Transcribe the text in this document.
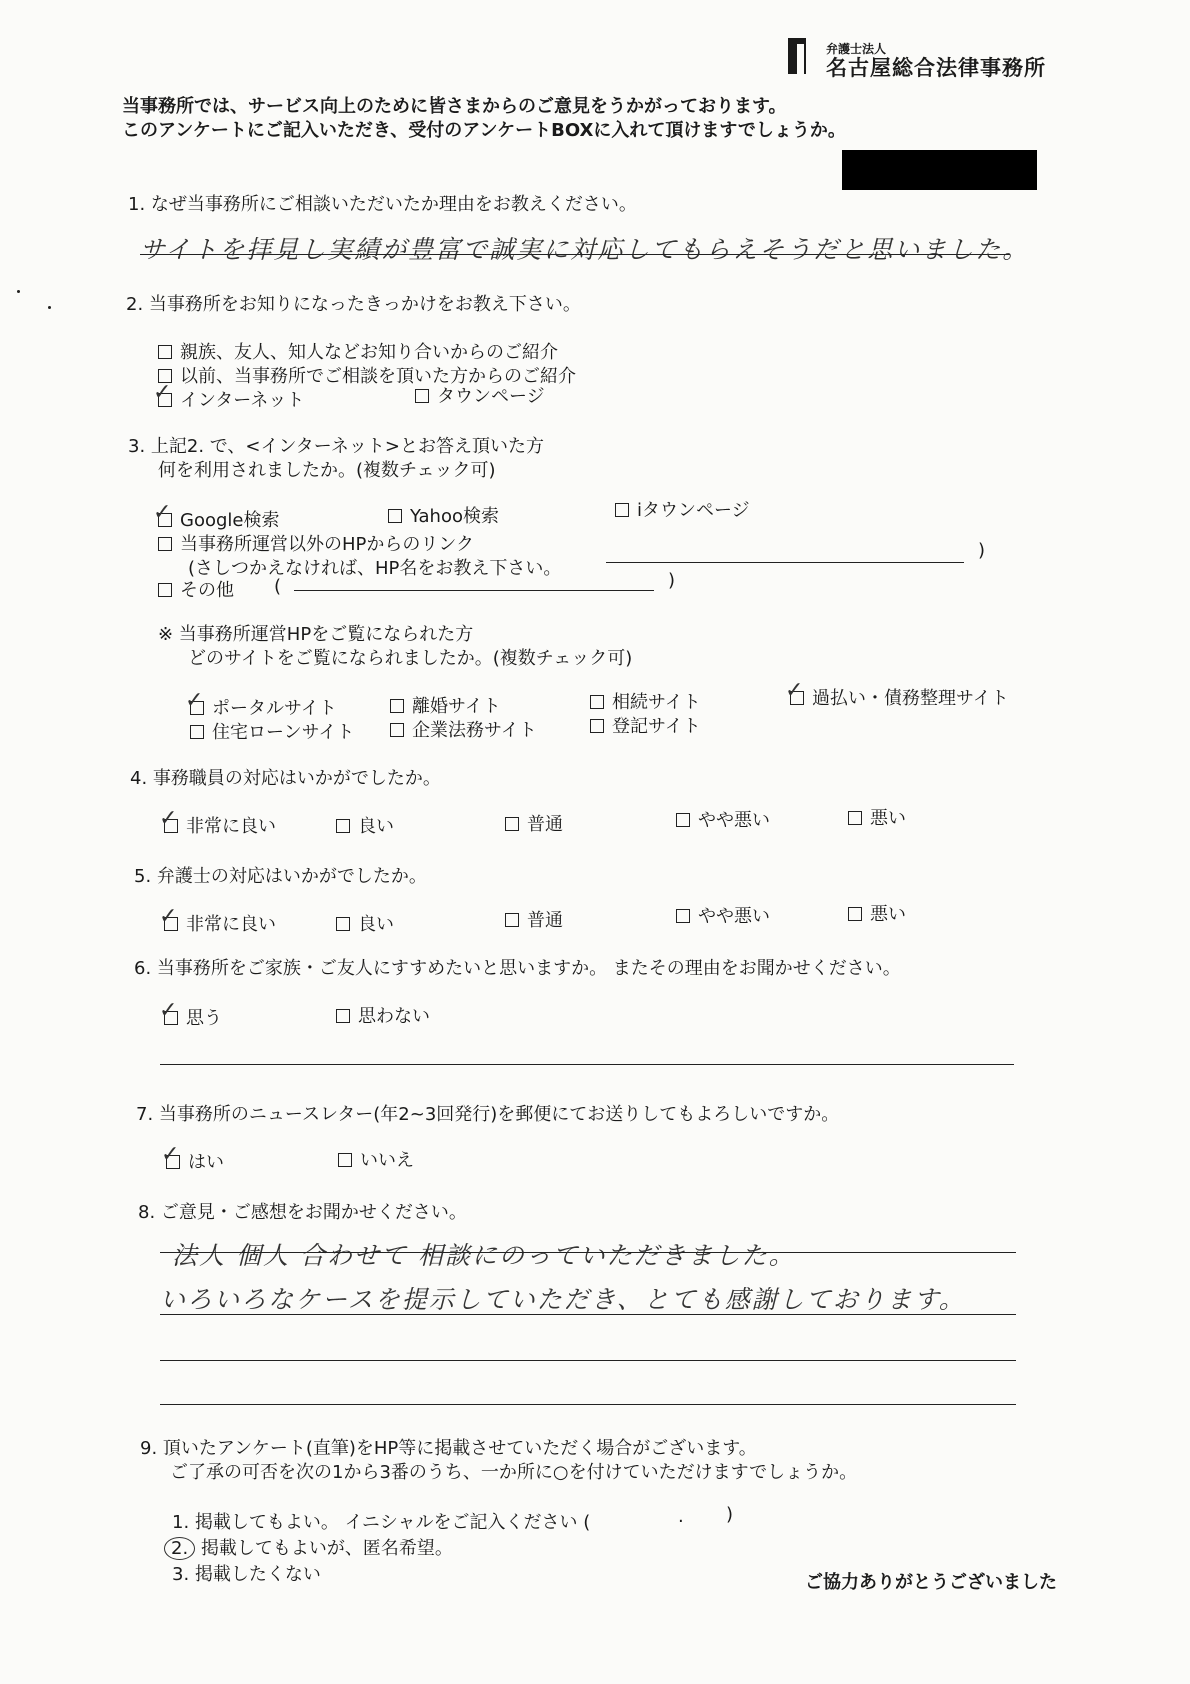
弁護士法人
名古屋総合法律事務所
当事務所では、サービス向上のために皆さまからのご意見をうかがっております。
このアンケートにご記入いただき、受付のアンケートBOXに入れて頂けますでしょうか。
1. なぜ当事務所にご相談いただいたか理由をお教えください。
サイトを拝見し実績が豊富で誠実に対応してもらえそうだと思いました。
2. 当事務所をお知りになったきっかけをお教え下さい。
親族、友人、知人などお知り合いからのご紹介
以前、当事務所でご相談を頂いた方からのご紹介
✓インターネット	タウンページ
3. 上記2. で、<インターネット>とお答え頂いた方
何を利用されましたか。(複数チェック可)
✓Google検索	Yahoo検索	iタウンページ
当事務所運営以外のHPからのリンク
(さしつかえなければ、HP名をお教え下さい。
)
その他 (	)
※ 当事務所運営HPをご覧になられた方
どのサイトをご覧になられましたか。(複数チェック可)
✓ポータルサイト	離婚サイト	相続サイト
✓	過払い・債務整理サイト
住宅ローンサイト	企業法務サイト	登記サイト
4. 事務職員の対応はいかがでしたか。
✓非常に良い	良い	普通	やや悪い	悪い
5. 弁護士の対応はいかがでしたか。
✓非常に良い	良い	普通	やや悪い	悪い
6. 当事務所をご家族・ご友人にすすめたいと思いますか。 またその理由をお聞かせください。
✓思う	思わない
7. 当事務所のニュースレター(年2~3回発行)を郵便にてお送りしてもよろしいですか。
✓はい	いいえ
8. ご意見・ご感想をお聞かせください。
法人 個人 合わせて 相談にのっていただきました。
いろいろなケースを提示していただき、とても感謝しております。
9. 頂いたアンケート(直筆)をHP等に掲載させていただく場合がございます。
ご了承の可否を次の1から3番のうち、一か所に○を付けていただけますでしょうか。
1. 掲載してもよい。 イニシャルをご記入ください (	. )
2. 掲載してもよいが、匿名希望。
3. 掲載したくない	ご協力ありがとうございました
